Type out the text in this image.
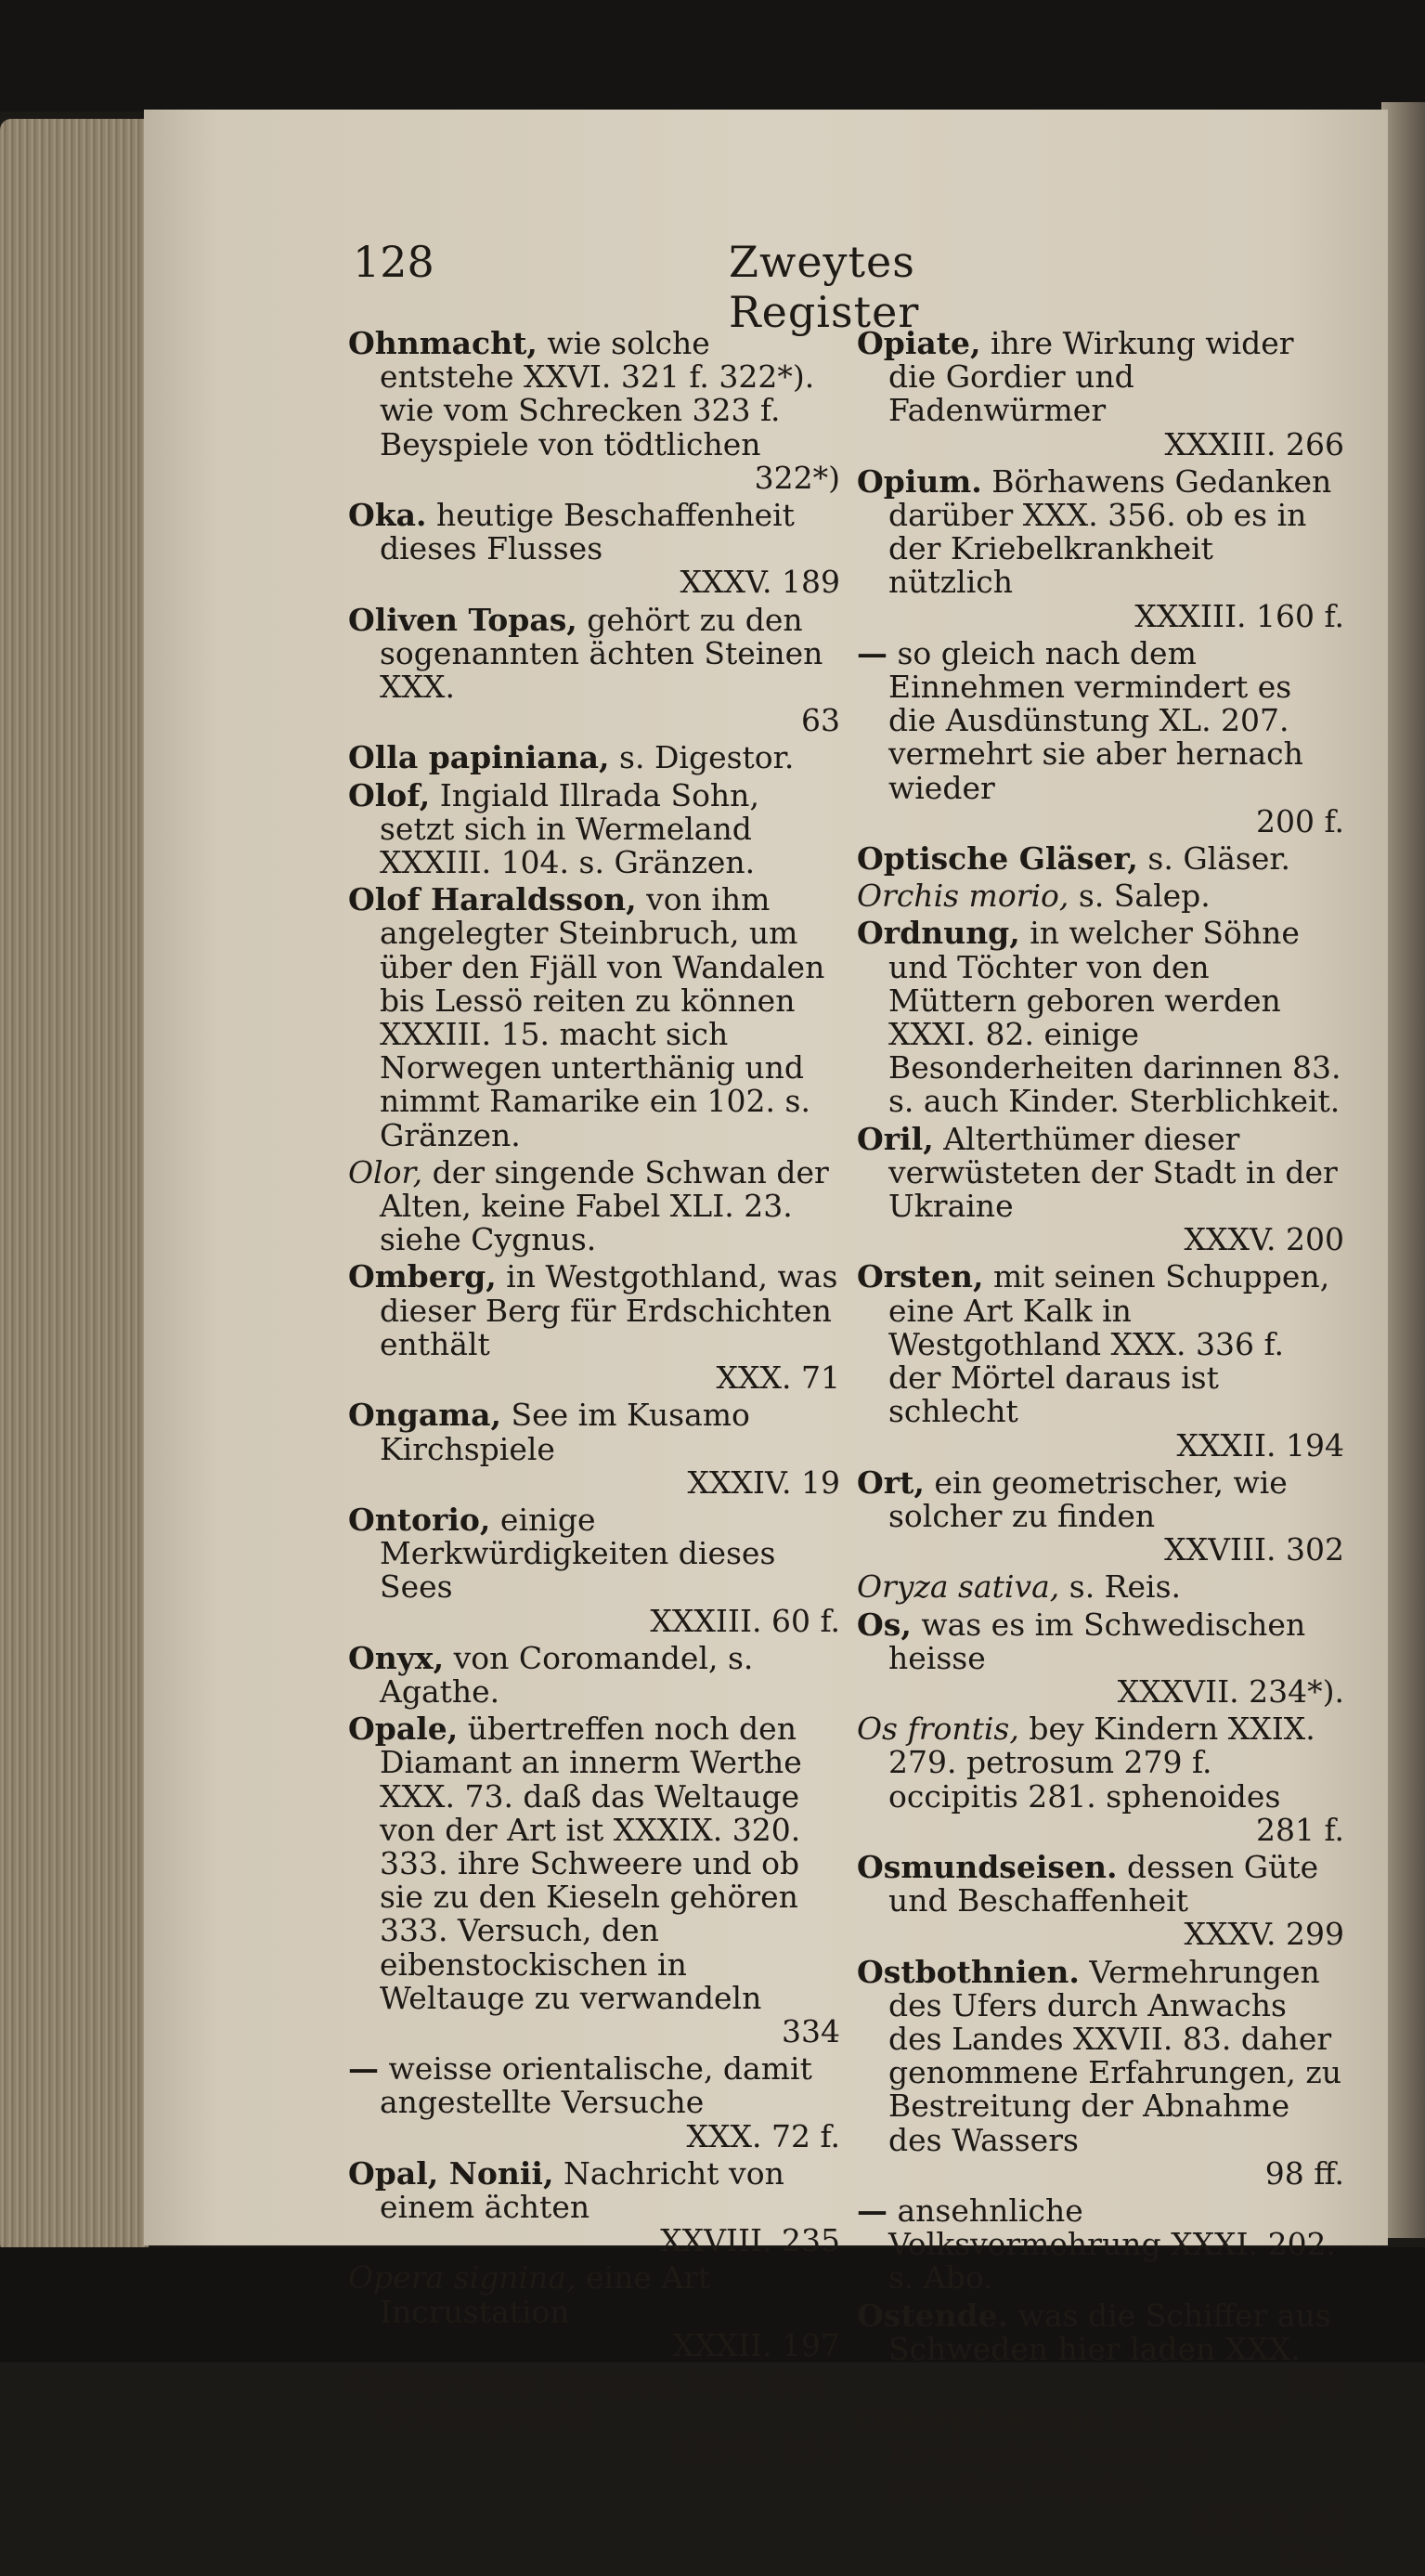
128	Zweytes Register
Ohnmacht, wie solche entstehe XXVI. 321 f. 322*). wie vom Schrecken 323 f. Beyspiele von tödtlichen
322*)
Oka. heutige Beschaffenheit dieses Flusses
XXXV. 189
Oliven Topas, gehört zu den sogenannten ächten Steinen XXX.
63
Olla papiniana, s. Digestor.
Olof, Ingiald Illrada Sohn, setzt sich in Wermeland XXXIII. 104. s. Gränzen.
Olof Haraldsson, von ihm angelegter Steinbruch, um über den Fjäll von Wandalen bis Lessö reiten zu können XXXIII. 15. macht sich Norwegen unterthänig und nimmt Ramarike ein 102. s. Gränzen.
Olor, der singende Schwan der Alten, keine Fabel XLI. 23. siehe Cygnus.
Omberg, in Westgothland, was dieser Berg für Erdschichten enthält
XXX. 71
Ongama, See im Kusamo Kirchspiele
XXXIV. 19
Ontorio, einige Merkwürdigkeiten dieses Sees
XXXIII. 60 f.
Onyx, von Coromandel, s. Agathe.
Opale, übertreffen noch den Diamant an innerm Werthe XXX. 73. daß das Weltauge von der Art ist XXXIX. 320. 333. ihre Schweere und ob sie zu den Kieseln gehören 333. Versuch, den eibenstockischen in Weltauge zu verwandeln
334
— weisse orientalische, damit angestellte Versuche
XXX. 72 f.
Opal, Nonii, Nachricht von einem ächten
XXVIII. 235
Opera signina, eine Art Incrustation
XXXII. 197
Ophiorrhiza Mungos, heilt den Schlangenbiß
XXVII. 155
Opiate, ihre Wirkung wider die Gordier und Fadenwürmer
XXXIII. 266
Opium. Börhawens Gedanken darüber XXX. 356. ob es in der Kriebelkrankheit nützlich
XXXIII. 160 f.
— so gleich nach dem Einnehmen vermindert es die Ausdünstung XL. 207. vermehrt sie aber hernach wieder
200 f.
Optische Gläser, s. Gläser.
Orchis morio, s. Salep.
Ordnung, in welcher Söhne und Töchter von den Müttern geboren werden XXXI. 82. einige Besonderheiten darinnen 83. s. auch Kinder. Sterblichkeit.
Oril, Alterthümer dieser verwüsteten der Stadt in der Ukraine
XXXV. 200
Orsten, mit seinen Schuppen, eine Art Kalk in Westgothland XXX. 336 f. der Mörtel daraus ist schlecht
XXXII. 194
Ort, ein geometrischer, wie solcher zu finden
XXVIII. 302
Oryza sativa, s. Reis.
Os, was es im Schwedischen heisse
XXXVII. 234*).
Os frontis, bey Kindern XXIX. 279. petrosum 279 f. occipitis 281. sphenoides
281 f.
Osmundseisen. dessen Güte und Beschaffenheit
XXXV. 299
Ostbothnien. Vermehrungen des Ufers durch Anwachs des Landes XXVII. 83. daher genommene Erfahrungen, zu Bestreitung der Abnahme des Wassers
98 ff.
— ansehnliche Volksvermehrung XXXI. 202. s. Abo.
Ostende. was die Schiffer aus Schweden hier laden XXX.
303
Osterpfennige im Kusamo Kirchspiele, wem sie gegeben werden
XXXIV. 82
Ost:
